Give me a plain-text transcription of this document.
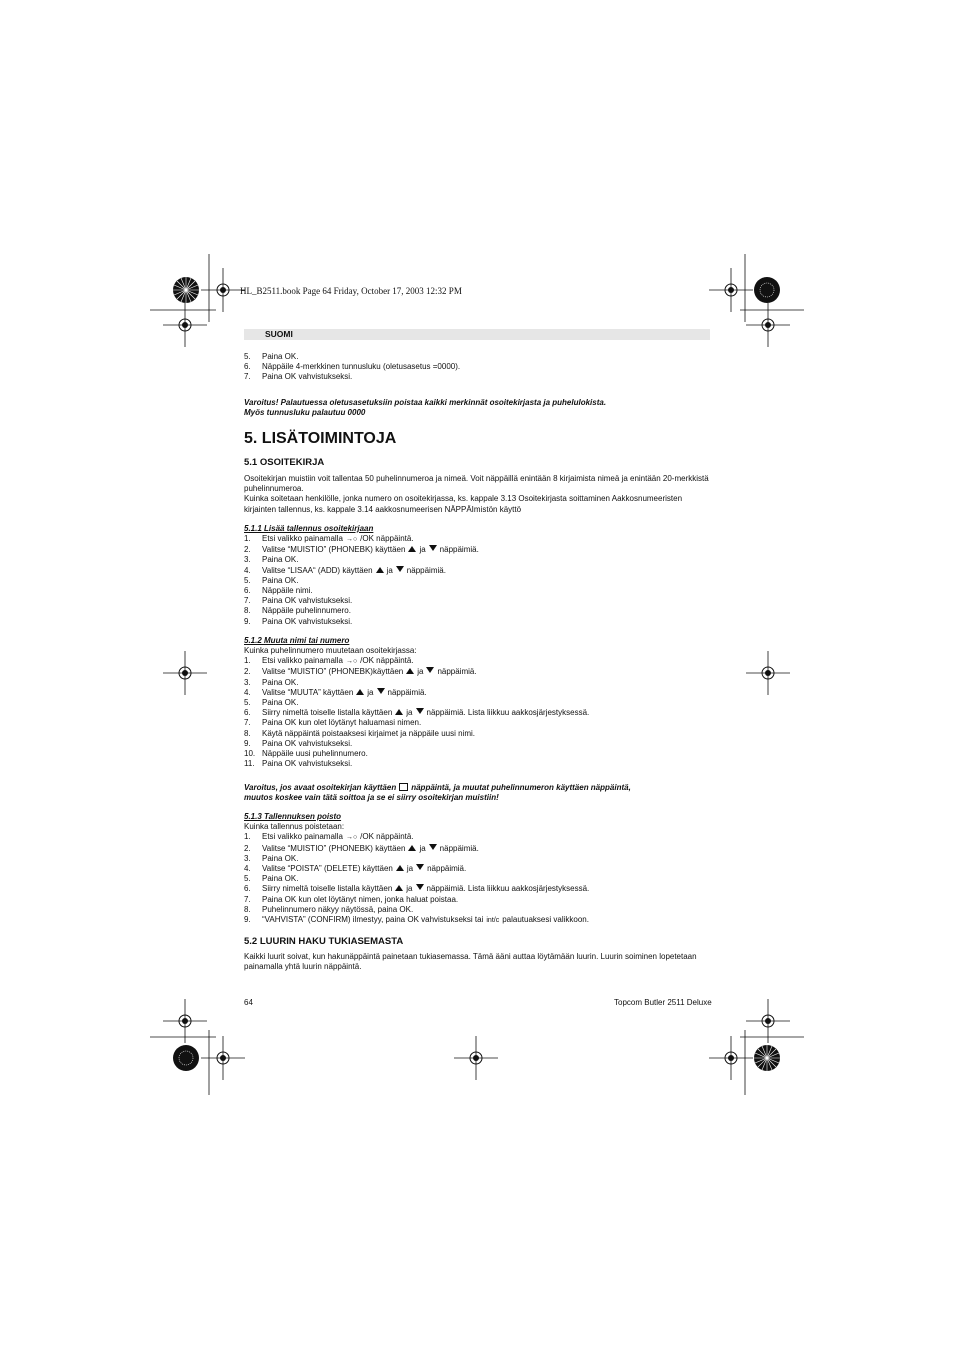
HL_B2511.book Page 64 Friday, October 17, 2003 12:32 PM
SUOMI
5.	Paina OK.
6.	Näppäile 4-merkkinen tunnusluku (oletusasetus =0000).
7.	Paina OK vahvistukseksi.

Varoitus! Palautuessa oletusasetuksiin poistaa kaikki merkinnät osoitekirjasta ja puhelulokista.
Myös tunnusluku palautuu 0000

5. LISÄTOIMINTOJA

5.1 OSOITEKIRJA

Osoitekirjan muistiin voit tallentaa 50 puhelinnumeroa ja nimeä. Voit näppäillä enintään 8 kirjaimista nimeä ja enintään 20-merkkistä puhelinnumeroa.

Kuinka soitetaan henkilölle, jonka numero on osoitekirjassa, ks. kappale 3.13 Osoitekirjasta soittaminen Aakkosnumeeristen kirjainten tallennus, ks. kappale 3.14 aakkosnumeerisen NÄPPÄImistön käyttö

5.1.1 Lisää tallennus osoitekirjaan

1.	Etsi valikko painamalla →○ /OK näppäintä.
2.	Valitse “MUISTIO” (PHONEBK) käyttäen ja näppäimiä.
3.	Paina OK.
4.	Valitse “LISAA“ (ADD) käyttäen ja näppäimiä.
5.	Paina OK.
6.	Näppäile nimi.
7.	Paina OK vahvistukseksi.
8.	Näppäile puhelinnumero.
9.	Paina OK vahvistukseksi.

5.1.2 Muuta nimi tai numero

Kuinka puhelinnumero muutetaan osoitekirjassa:

1.	Etsi valikko painamalla →○ /OK näppäintä.
2.	Valitse “MUISTIO” (PHONEBK)käyttäen ja näppäimiä.
3.	Paina OK.
4.	Valitse “MUUTA” käyttäen ja näppäimiä.
5.	Paina OK.
6.	Siirry nimeltä toiselle listalla käyttäen ja näppäimiä. Lista liikkuu aakkosjärjestyksessä.
7.	Paina OK kun olet löytänyt haluamasi nimen.
8.	Käytä näppäintä poistaaksesi kirjaimet ja näppäile uusi nimi.
9.	Paina OK vahvistukseksi.
10. Näppäile uusi puhelinnumero.
11. Paina OK vahvistukseksi.

Varoitus, jos avaat osoitekirjan käyttäen näppäintä, ja muutat puhelinnumeron käyttäen näppäintä,
muutos koskee vain tätä soittoa ja se ei siirry osoitekirjan muistiin!

5.1.3 Tallennuksen poisto

Kuinka tallennus poistetaan:

1.	Etsi valikko painamalla →○ /OK näppäintä.
2.	Valitse “MUISTIO” (PHONEBK) käyttäen ja näppäimiä.
3.	Paina OK.
4.	Valitse “POISTA” (DELETE) käyttäen ja näppäimiä.
5.	Paina OK.
6.	Siirry nimeltä toiselle listalla käyttäen ja näppäimiä. Lista liikkuu aakkosjärjestyksessä.
7.	Paina OK kun olet löytänyt nimen, jonka haluat poistaa.
8.	Puhelinnumero näkyy näytössä, paina OK.
9.	“VAHVISTA” (CONFIRM) ilmestyy, paina OK vahvistukseksi tai int/c palautuaksesi valikkoon.

5.2 LUURIN HAKU TUKIASEMASTA

Kaikki luurit soivat, kun hakunäppäintä painetaan tukiasemassa. Tämä ääni auttaa löytämään luurin. Luurin soiminen lopetetaan painamalla yhtä luurin näppäintä.

64	Topcom Butler 2511 Deluxe
